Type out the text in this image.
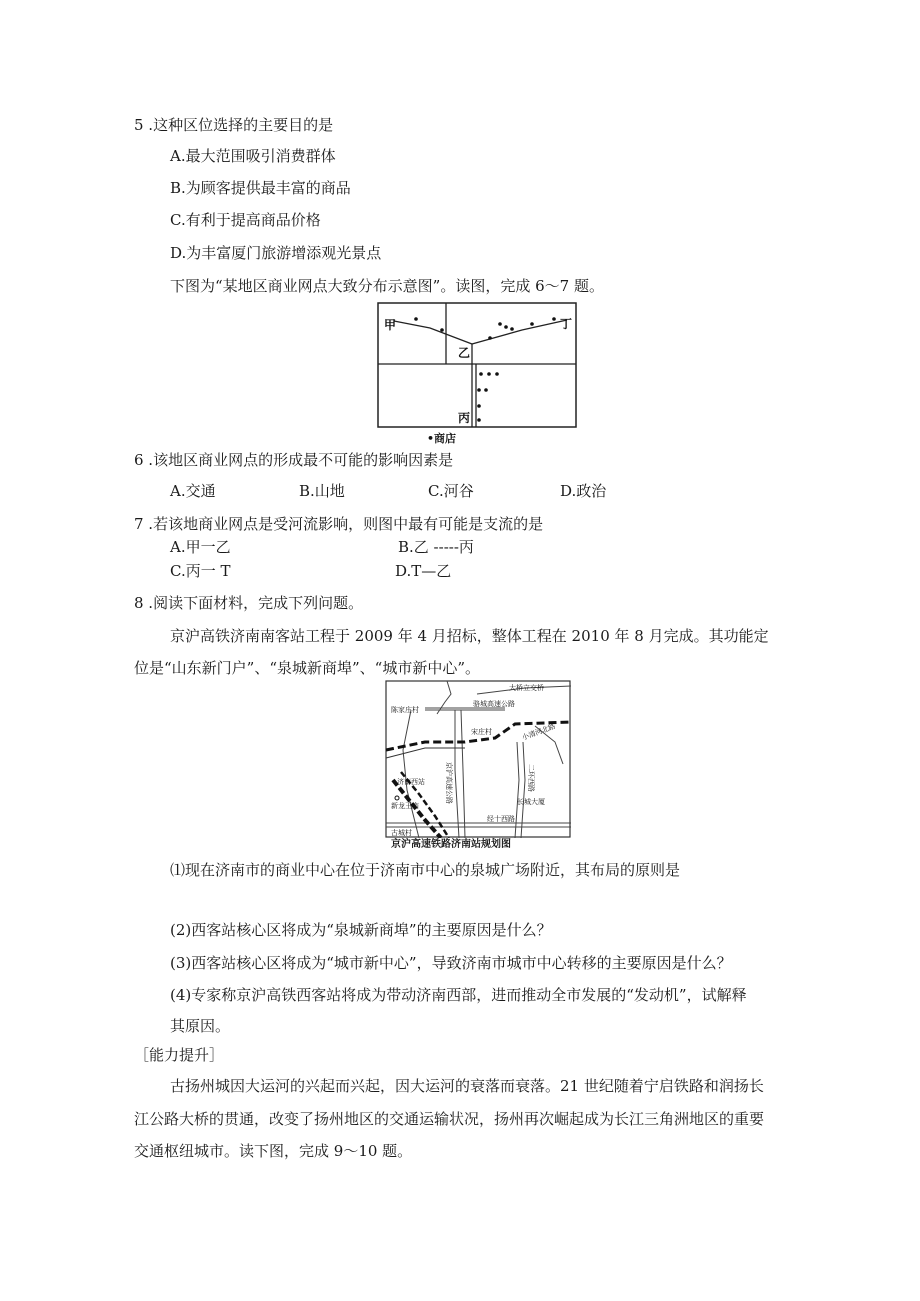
5 .这种区位选择的主要目的是
A.最大范围吸引消费群体
B.为顾客提供最丰富的商品
C.有利于提高商品价格
D.为丰富厦门旅游增添观光景点
下图为“某地区商业网点大致分布示意图”。读图，完成 6～7 题。
甲
乙
丙
丁
•商店
6 .该地区商业网点的形成最不可能的影响因素是
A.交通	B.山地	C.河谷	D.政治
7 .若该地商业网点是受河流影响，则图中最有可能是支流的是
A.甲一乙	B.乙 -----丙
C.丙一 T	D.T—乙
8 .阅读下面材料，完成下列问题。
京沪高铁济南南客站工程于 2009 年 4 月招标，整体工程在 2010 年 8 月完成。其功能定
位是“山东新门户”、“泉城新商埠”、“城市新中心”。
大桥立交桥
陈家庄村
骆城高速公路
宋庄村	小清河北路
京沪高速公路	二环西路
济南西站
新龙王庙	长城大厦
古城村
经十西路
京沪高速铁路济南站规划图
⑴现在济南市的商业中心在位于济南市中心的泉城广场附近，其布局的原则是
(2)西客站核心区将成为“泉城新商埠”的主要原因是什么？
(3)西客站核心区将成为“城市新中心”，导致济南市城市中心转移的主要原因是什么？
(4)专家称京沪高铁西客站将成为带动济南西部，进而推动全市发展的“发动机”，试解释
其原因。
［能力提升］
古扬州城因大运河的兴起而兴起，因大运河的衰落而衰落。21 世纪随着宁启铁路和润扬长
江公路大桥的贯通，改变了扬州地区的交通运输状况，扬州再次崛起成为长江三角洲地区的重要
交通枢纽城市。读下图，完成 9～10 题。
